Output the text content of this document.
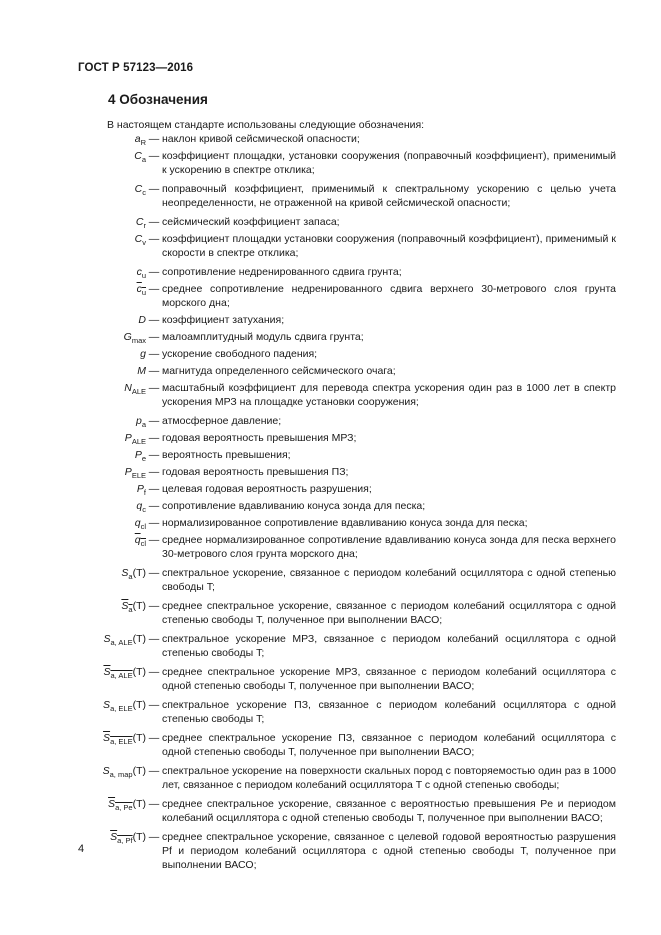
ГОСТ Р 57123—2016
4 Обозначения
В настоящем стандарте использованы следующие обозначения:
$a_R$ — наклон кривой сейсмической опасности;
$C_a$ — коэффициент площадки, установки сооружения (поправочный коэффициент), применимый к ускорению в спектре отклика;
$C_c$ — поправочный коэффициент, применимый к спектральному ускорению с целью учета неопределенности, не отраженной на кривой сейсмической опасности;
$C_r$ — сейсмический коэффициент запаса;
$C_v$ — коэффициент площадки установки сооружения (поправочный коэффициент), применимый к скорости в спектре отклика;
$c_u$ — сопротивление недренированного сдвига грунта;
$\overline{c}_{\overline{u}}$ — среднее сопротивление недренированного сдвига верхнего 30-метрового слоя грунта морского дна;
D — коэффициент затухания;
$G_{max}$ — малоамплитудный модуль сдвига грунта;
g — ускорение свободного падения;
M — магнитуда определенного сейсмического очага;
$N_{ALE}$ — масштабный коэффициент для перевода спектра ускорения один раз в 1000 лет в спектр ускорения МРЗ на площадке установки сооружения;
$p_a$ — атмосферное давление;
$P_{ALE}$ — годовая вероятность превышения МРЗ;
$P_e$ — вероятность превышения;
$P_{ELE}$ — годовая вероятность превышения ПЗ;
$P_f$ — целевая годовая вероятность разрушения;
$q_c$ — сопротивление вдавливанию конуса зонда для песка;
$q_{cl}$ — нормализированное сопротивление вдавливанию конуса зонда для песка;
$\overline{q}_{\overline{cl}}$ — среднее нормализированное сопротивление вдавливанию конуса зонда для песка верхнего 30-метрового слоя грунта морского дна;
$S_a(T)$ — спектральное ускорение, связанное с периодом колебаний осциллятора с одной степенью свободы T;
$S_a(T)$ — среднее спектральное ускорение, связанное с периодом колебаний осциллятора с одной степенью свободы T, полученное при выполнении ВАСО;
$S_{a, ALE}(T)$ — спектральное ускорение МРЗ, связанное с периодом колебаний осциллятора с одной степенью свободы T;
$S_{a, ALE}(T)$ — среднее спектральное ускорение МРЗ, связанное с периодом колебаний осциллятора с одной степенью свободы T, полученное при выполнении ВАСО;
$S_{a, ELE}(T)$ — спектральное ускорение ПЗ, связанное с периодом колебаний осциллятора с одной степенью свободы T;
$S_{a, ELE}(T)$ — среднее спектральное ускорение ПЗ, связанное с периодом колебаний осциллятора с одной степенью свободы T, полученное при выполнении ВАСО;
$S_{a, map}(T)$ — спектральное ускорение на поверхности скальных пород с повторяемостью один раз в 1000 лет, связанное с периодом колебаний осциллятора T с одной степенью свободы;
$S_{a, Pe}(T)$ — среднее спектральное ускорение, связанное с вероятностью превышения Pe и периодом колебаний осциллятора с одной степенью свободы T, полученное при выполнении ВАСО;
$S_{a, Pf}(T)$ — среднее спектральное ускорение, связанное с целевой годовой вероятностью разрушения Pf и периодом колебаний осциллятора с одной степенью свободы T, полученное при выполнении ВАСО;
4
